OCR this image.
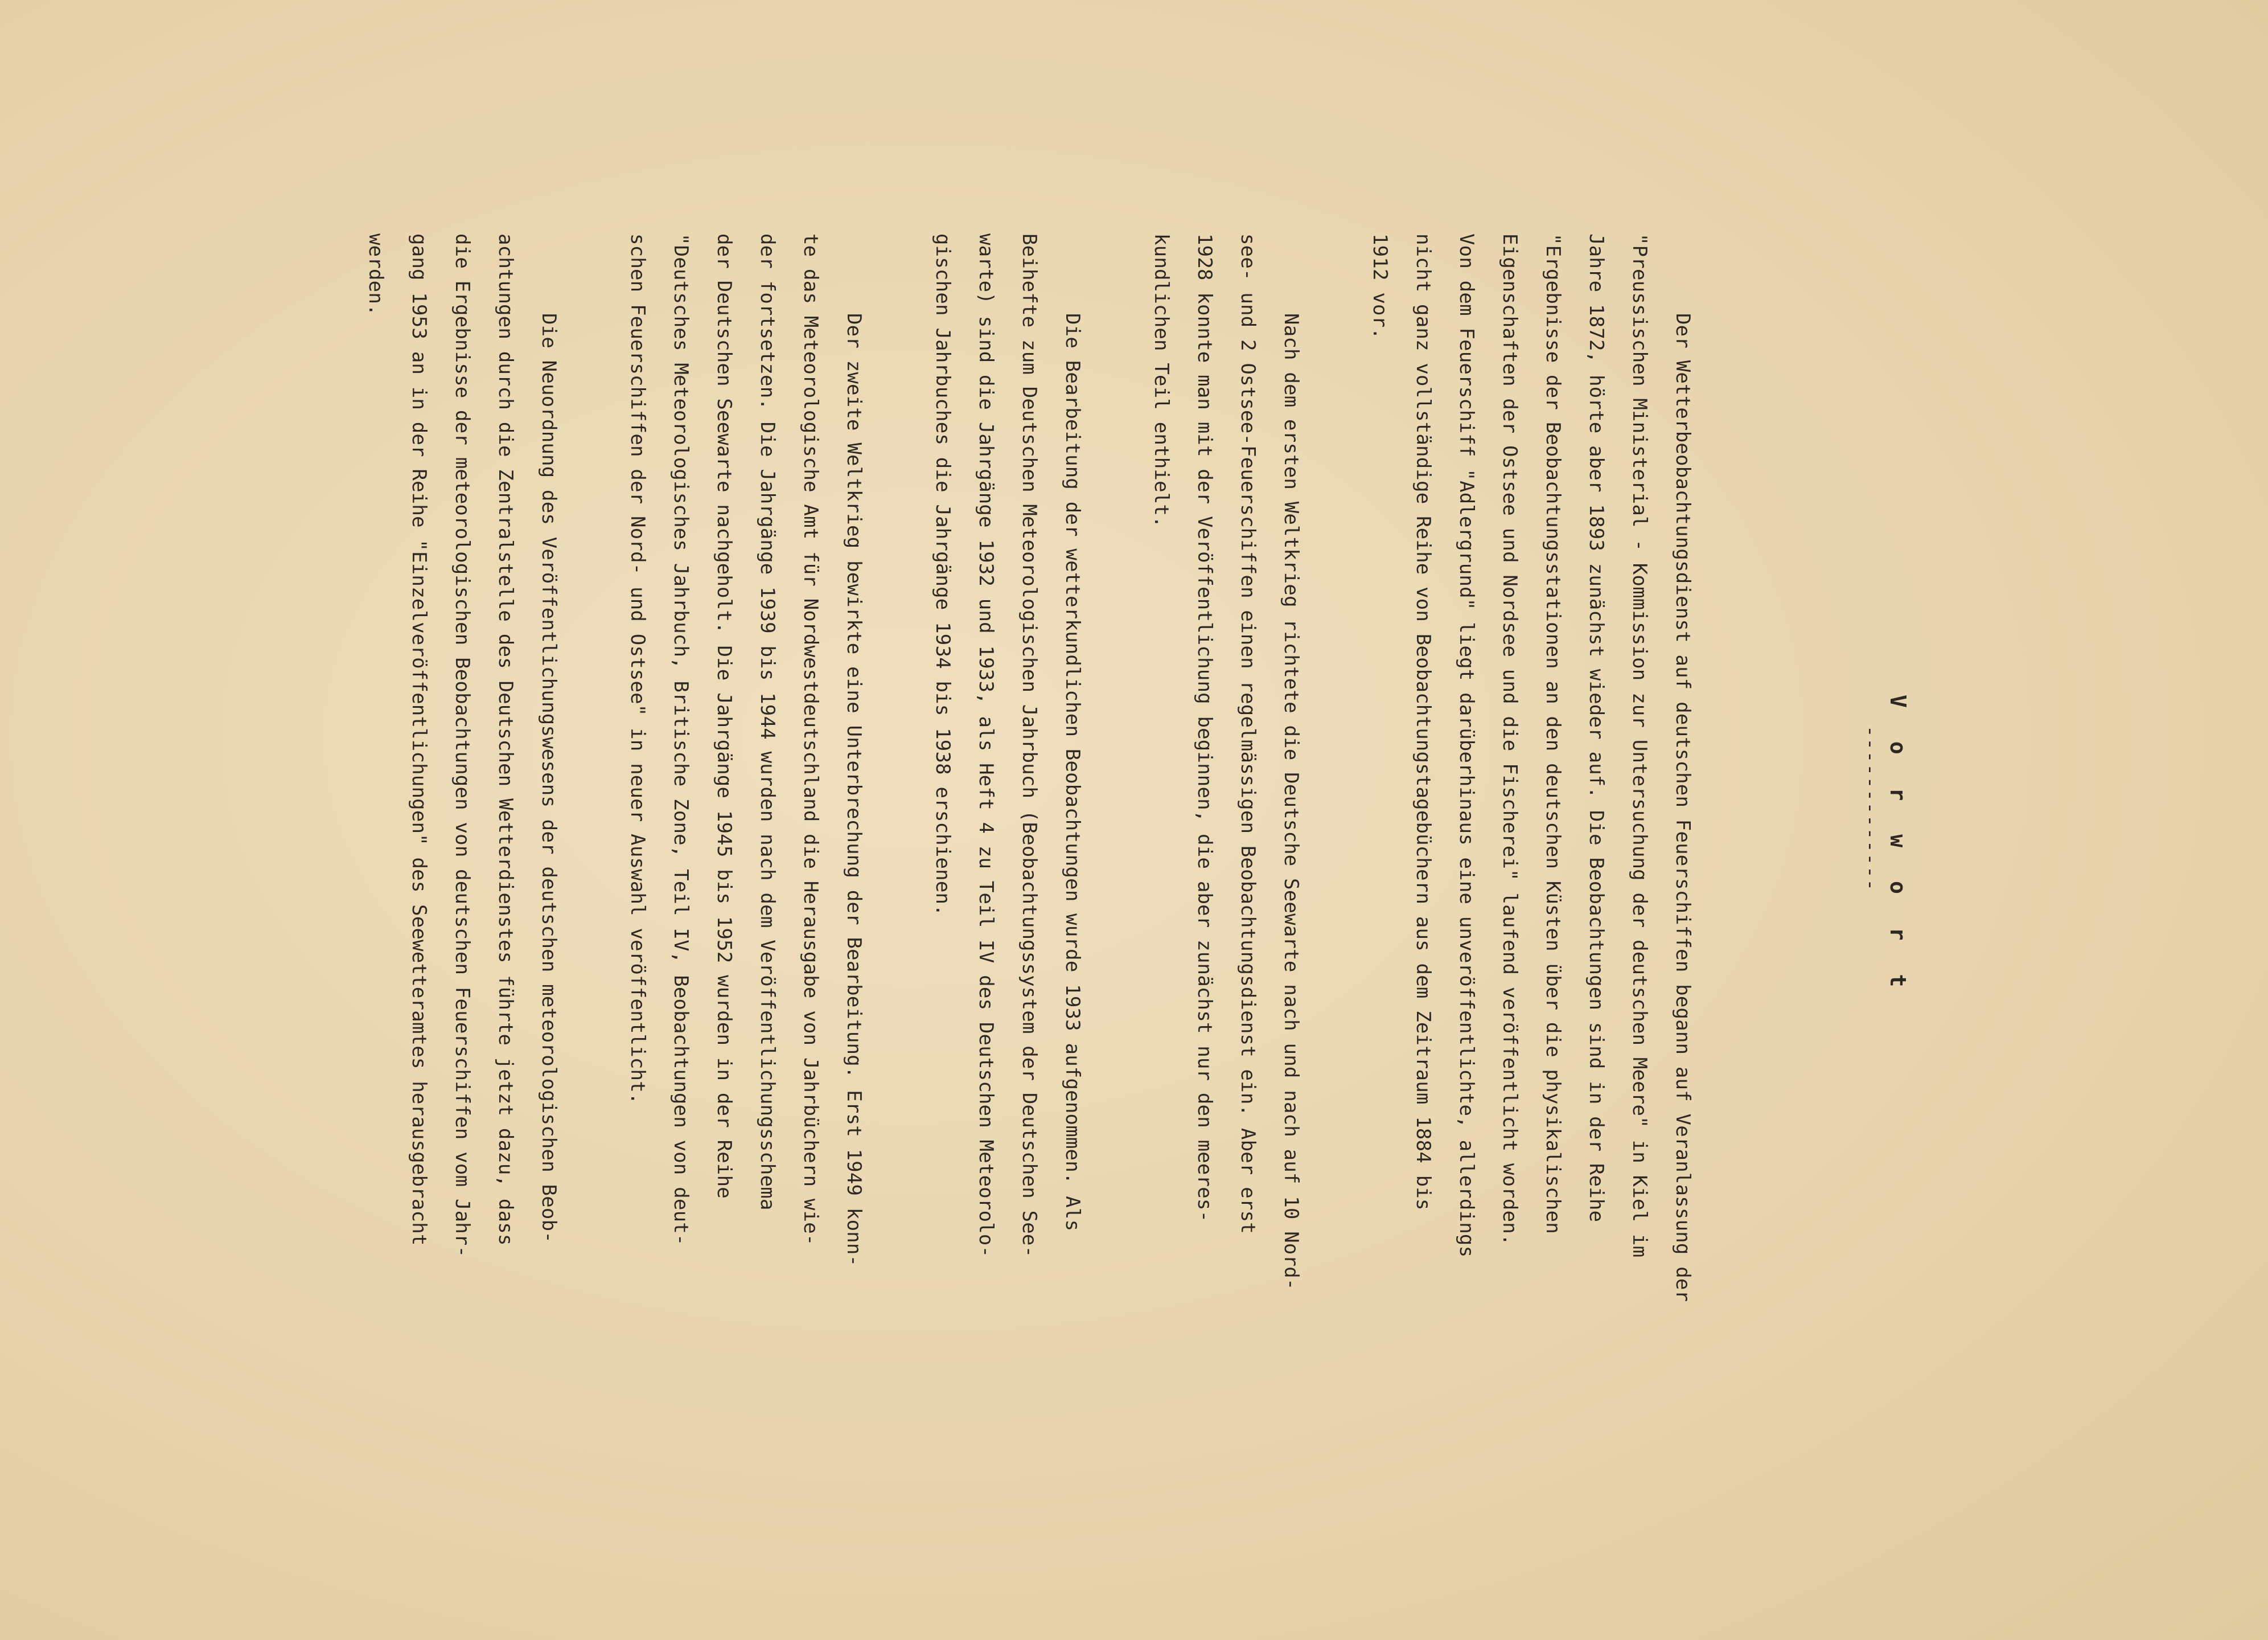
V o r w o r t
-------------
Der Wetterbeobachtungsdienst auf deutschen Feuerschiffen begann auf Veranlassung der
"Preussischen Ministerial - Kommission zur Untersuchung der deutschen Meere" in Kiel im
Jahre 1872, hörte aber 1893 zunächst wieder auf. Die Beobachtungen sind in der Reihe
"Ergebnisse der Beobachtungsstationen an den deutschen Küsten über die physikalischen
Eigenschaften der Ostsee und Nordsee und die Fischerei" laufend veröffentlicht worden.
Von dem Feuerschiff "Adlergrund" liegt darüberhinaus eine unveröffentlichte, allerdings
nicht ganz vollständige Reihe von Beobachtungstagebüchern aus dem Zeitraum 1884 bis
1912 vor.
Nach dem ersten Weltkrieg richtete die Deutsche Seewarte nach und nach auf 10 Nord-
see- und 2 Ostsee-Feuerschiffen einen regelmässigen Beobachtungsdienst ein. Aber erst
1928 konnte man mit der Veröffentlichung beginnen, die aber zunächst nur den meeres-
kundlichen Teil enthielt.
Die Bearbeitung der wetterkundlichen Beobachtungen wurde 1933 aufgenommen. Als
Beihefte zum Deutschen Meteorologischen Jahrbuch (Beobachtungssystem der Deutschen See-
warte) sind die Jahrgänge 1932 und 1933, als Heft 4 zu Teil IV des Deutschen Meteorolo-
gischen Jahrbuches die Jahrgänge 1934 bis 1938 erschienen.
Der zweite Weltkrieg bewirkte eine Unterbrechung der Bearbeitung. Erst 1949 konn-
te das Meteorologische Amt für Nordwestdeutschland die Herausgabe von Jahrbüchern wie-
der fortsetzen. Die Jahrgänge 1939 bis 1944 wurden nach dem Veröffentlichungsschema
der Deutschen Seewarte nachgeholt. Die Jahrgänge 1945 bis 1952 wurden in der Reihe
"Deutsches Meteorologisches Jahrbuch, Britische Zone, Teil IV, Beobachtungen von deut-
schen Feuerschiffen der Nord- und Ostsee" in neuer Auswahl veröffentlicht.
Die Neuordnung des Veröffentlichungswesens der deutschen meteorologischen Beob-
achtungen durch die Zentralstelle des Deutschen Wetterdienstes führte jetzt dazu, dass
die Ergebnisse der meteorologischen Beobachtungen von deutschen Feuerschiffen vom Jahr-
gang 1953 an in der Reihe "Einzelveröffentlichungen" des Seewetteramtes herausgebracht
werden.
